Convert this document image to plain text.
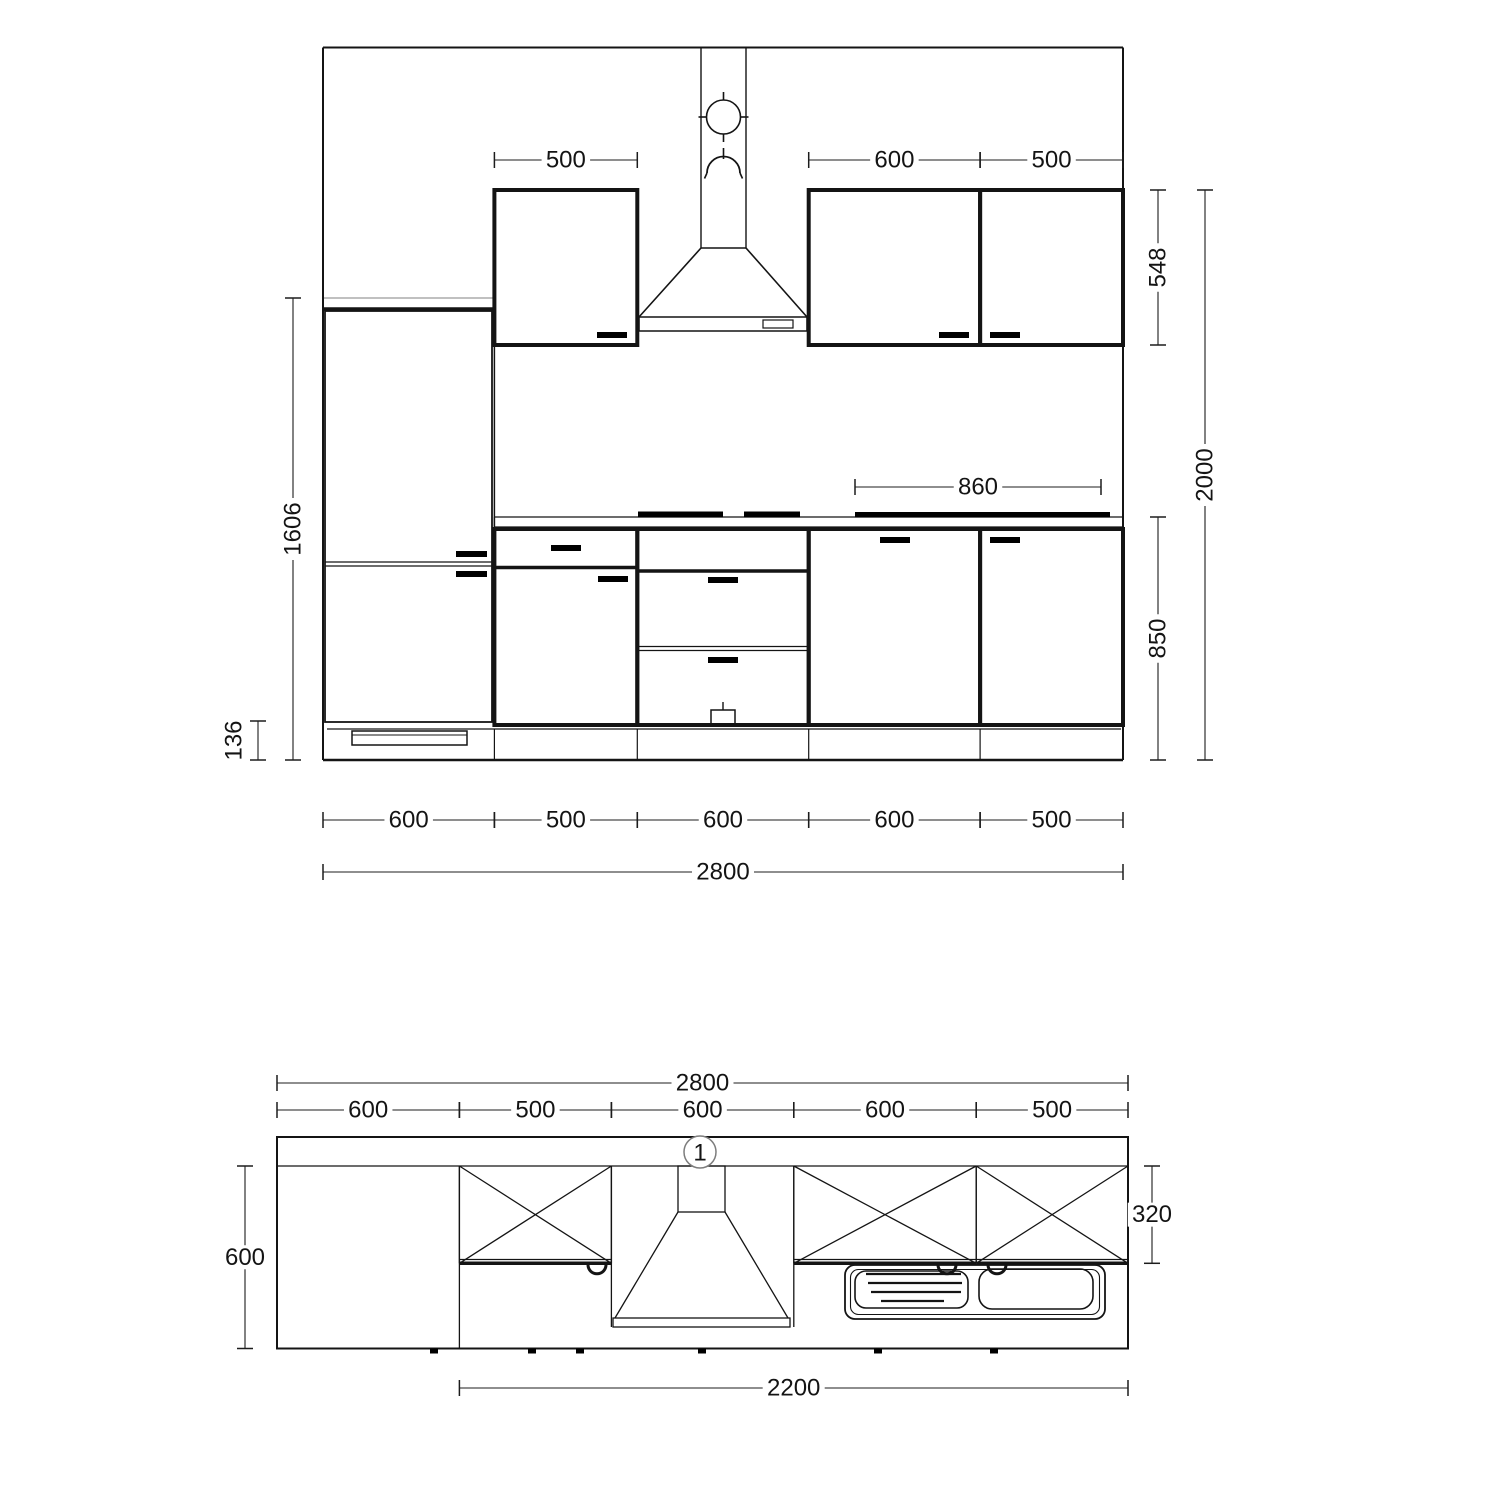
500	600	500
860
600	500	600	600	500
2800
548
2000
850
1606
136
1
2800
600	500	600	600	500
600
320
2200
